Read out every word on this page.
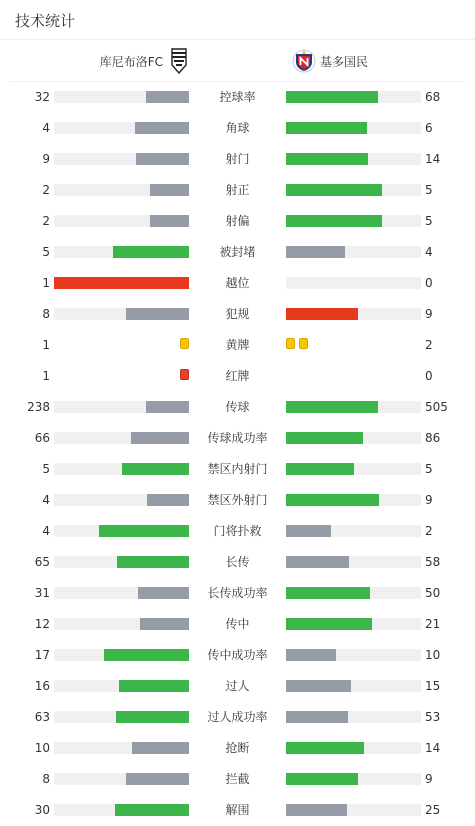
技术统计
库尼布洛FC	基多国民
32	控球率	68
4	角球	6
9	射门	14
2	射正	5
2	射偏	5
5	被封堵	4
1	越位	0
8	犯规	9
1	黄牌	2
1	红牌	0
238	传球	505
66	传球成功率	86
5	禁区内射门	5
4	禁区外射门	9
4	门将扑救	2
65	长传	58
31	长传成功率	50
12	传中	21
17	传中成功率	10
16	过人	15
63	过人成功率	53
10	抢断	14
8	拦截	9
30	解围	25
